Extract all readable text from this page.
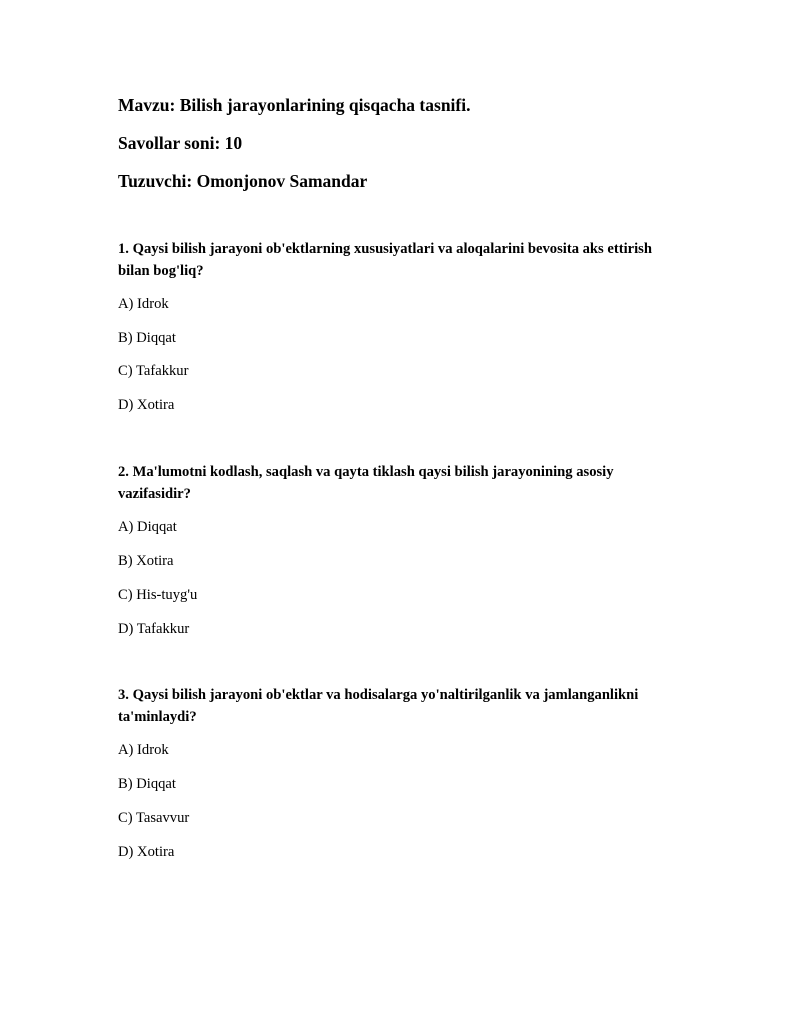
Mavzu: Bilish jarayonlarining qisqacha tasnifi.
Savollar soni: 10
Tuzuvchi: Omonjonov Samandar
1. Qaysi bilish jarayoni ob'ektlarning xususiyatlari va aloqalarini bevosita aks ettirish bilan bog'liq?
A) Idrok
B) Diqqat
C) Tafakkur
D) Xotira
2. Ma'lumotni kodlash, saqlash va qayta tiklash qaysi bilish jarayonining asosiy vazifasidir?
A) Diqqat
B) Xotira
C) His-tuyg'u
D) Tafakkur
3. Qaysi bilish jarayoni ob'ektlar va hodisalarga yo'naltirilganlik va jamlanganlikni ta'minlaydi?
A) Idrok
B) Diqqat
C) Tasavvur
D) Xotira
